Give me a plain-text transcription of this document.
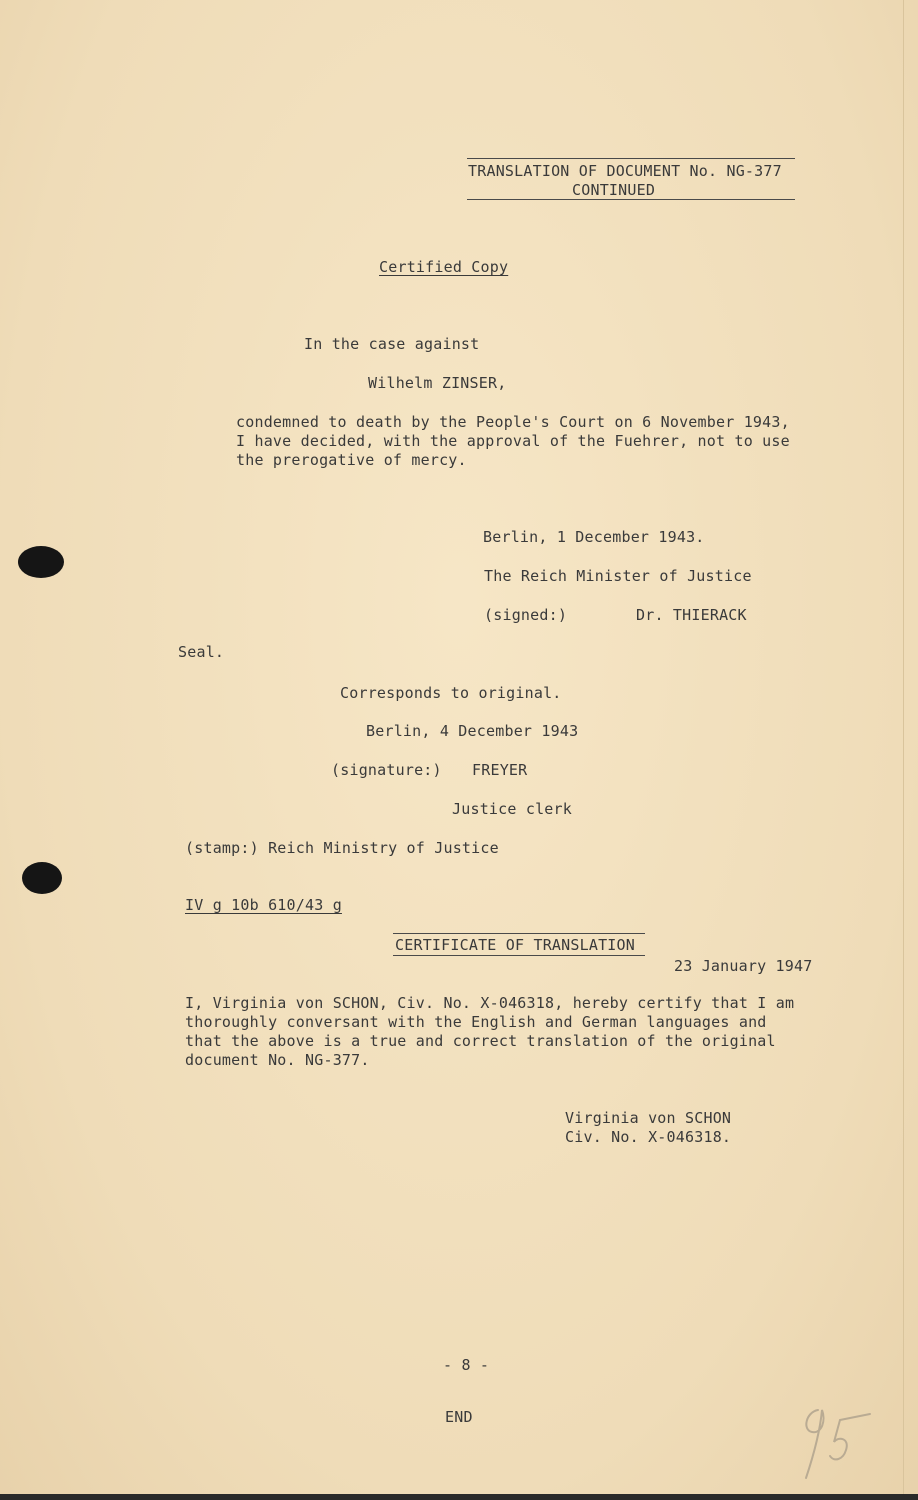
TRANSLATION OF DOCUMENT No. NG-377
CONTINUED
Certified Copy
In the case against
Wilhelm ZINSER,
condemned to death by the People's Court on 6 November 1943,
I have decided, with the approval of the Fuehrer, not to use
the prerogative of mercy.
Berlin, 1 December 1943.
The Reich Minister of Justice
(signed:)	Dr. THIERACK
Seal.
Corresponds to original.
Berlin, 4 December 1943
(signature:) FREYER
Justice clerk
(stamp:) Reich Ministry of Justice
IV g 10b 610/43 g
CERTIFICATE OF TRANSLATION
23 January 1947
I, Virginia von SCHON, Civ. No. X-046318, hereby certify that I am
thoroughly conversant with the English and German languages and
that the above is a true and correct translation of the original
document No. NG-377.
Virginia von SCHON
Civ. No. X-046318.
- 8 -
END
